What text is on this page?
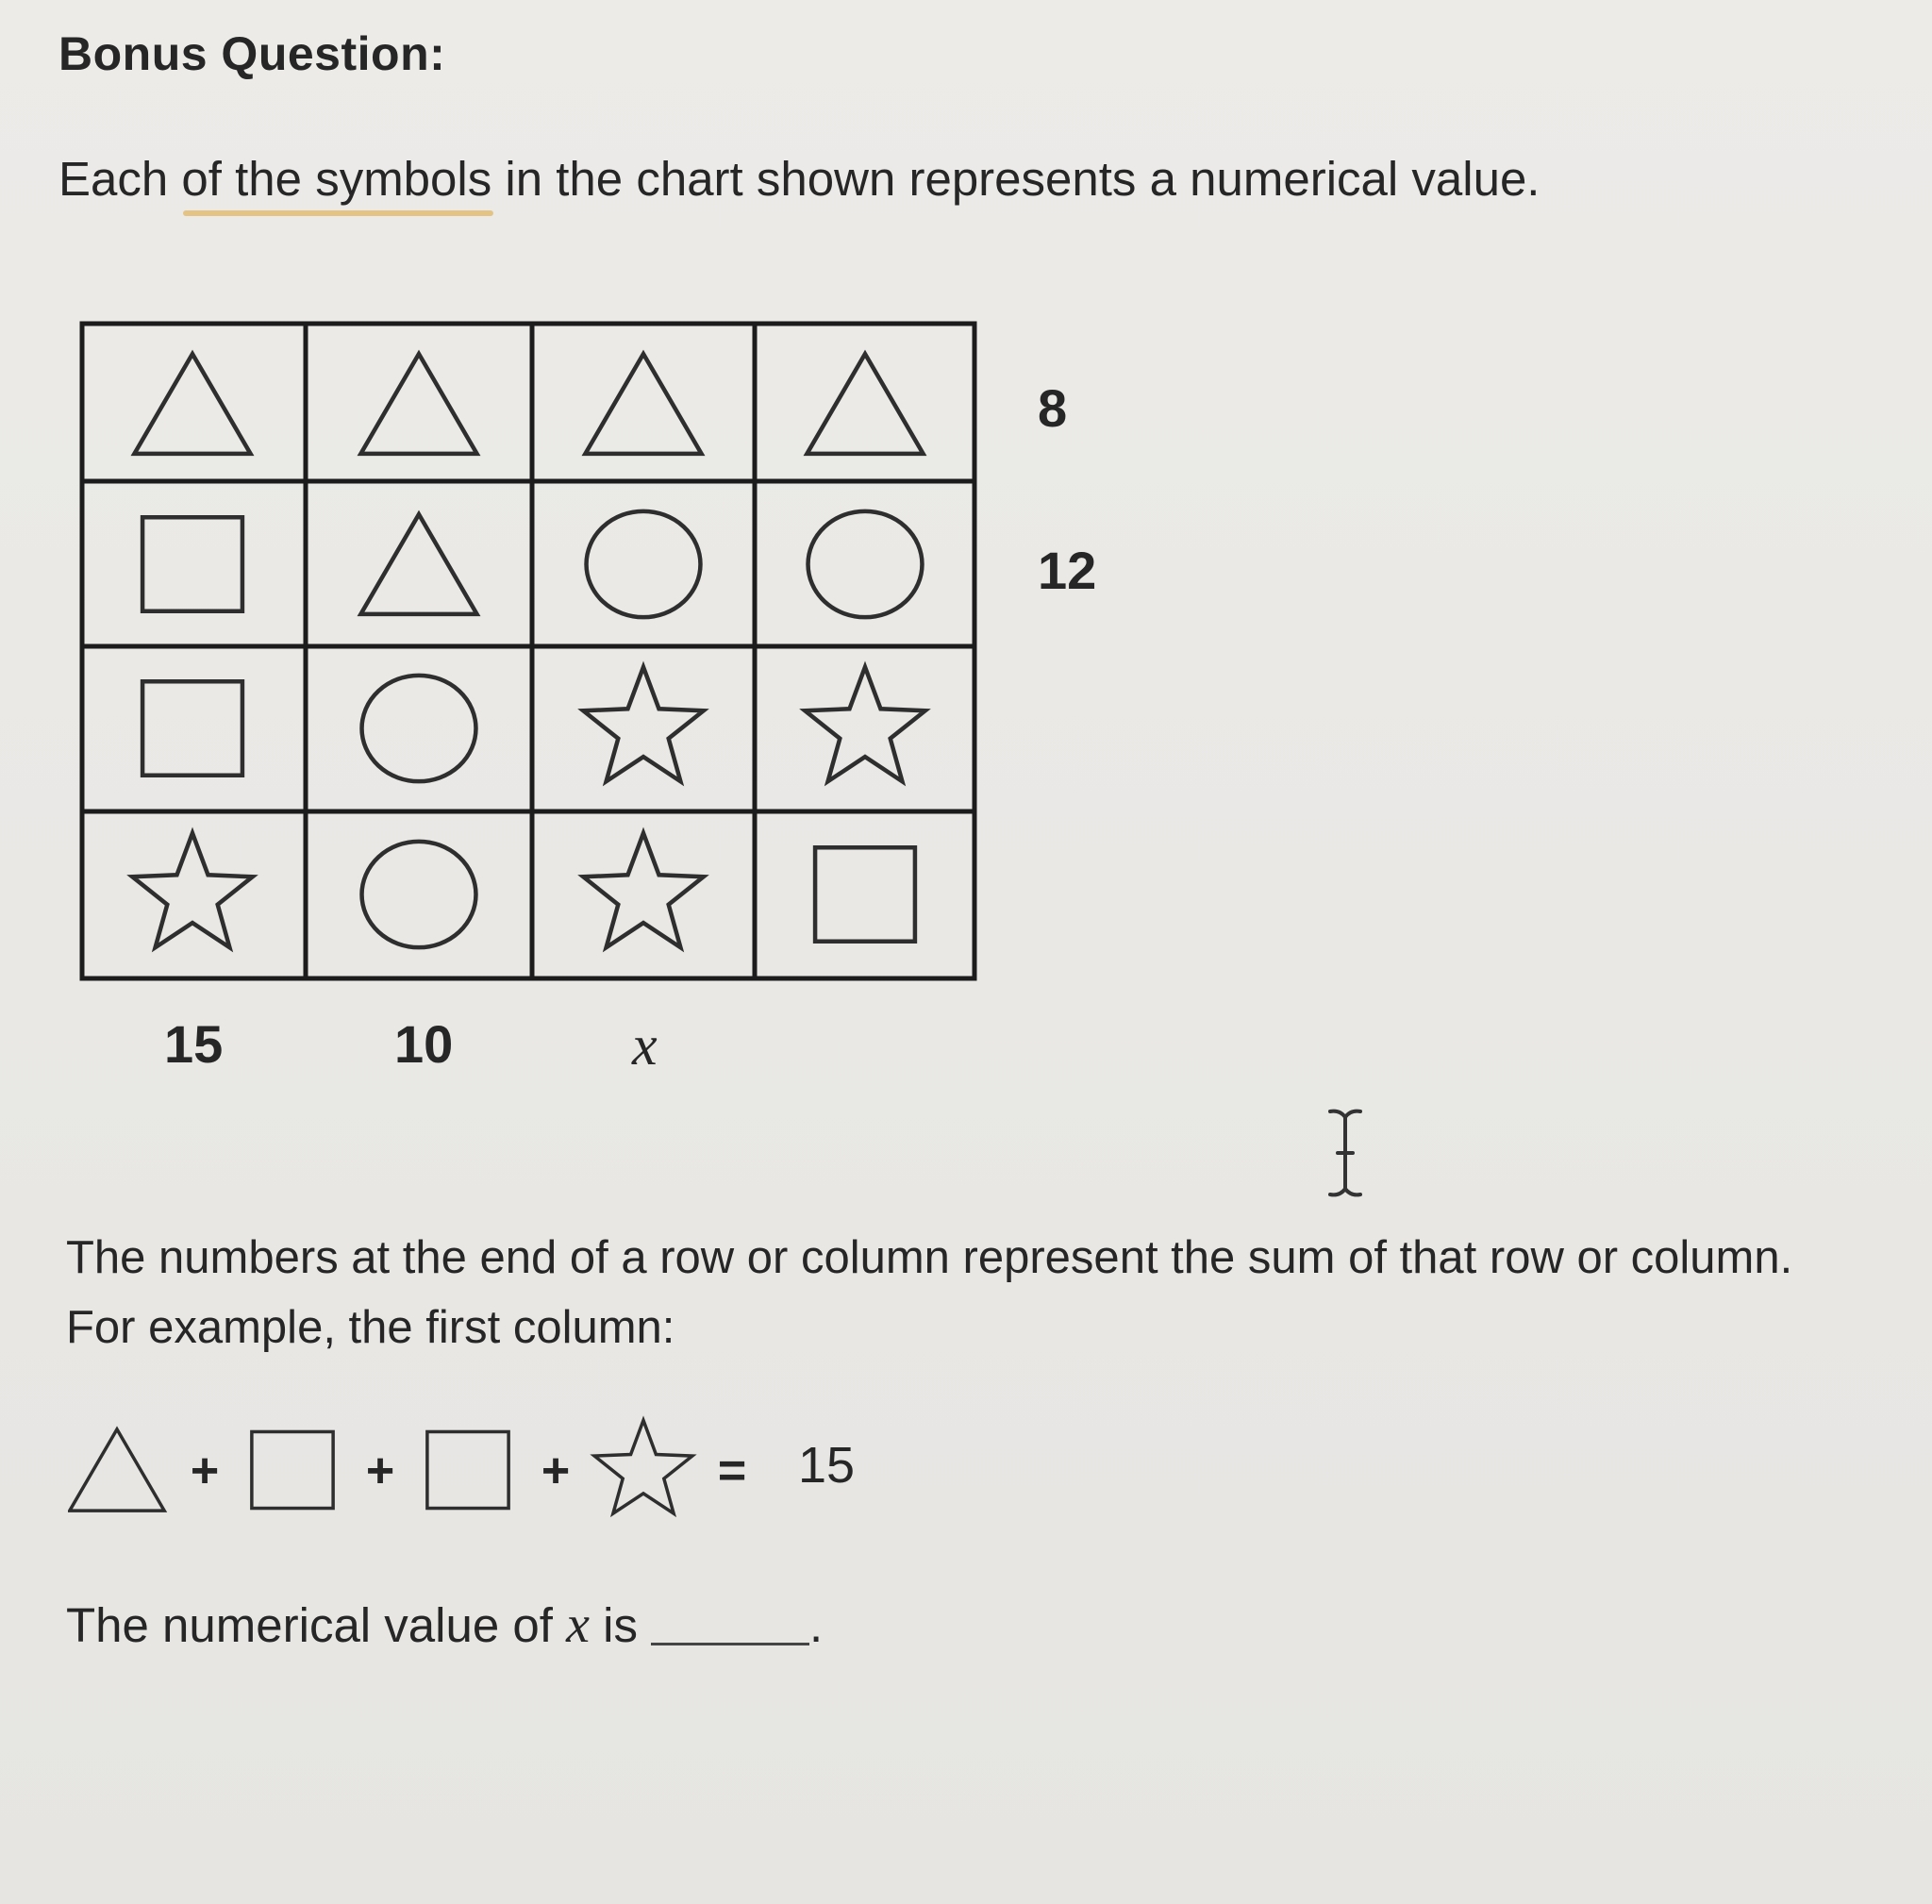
Bonus Question:
Each of the symbols in the chart shown represents a numerical value.
8
12
15	10	x
The numbers at the end of a row or column represent the sum of that row or column.
For example, the first column:
+	+	+	= 15
The numerical value of x is	.
